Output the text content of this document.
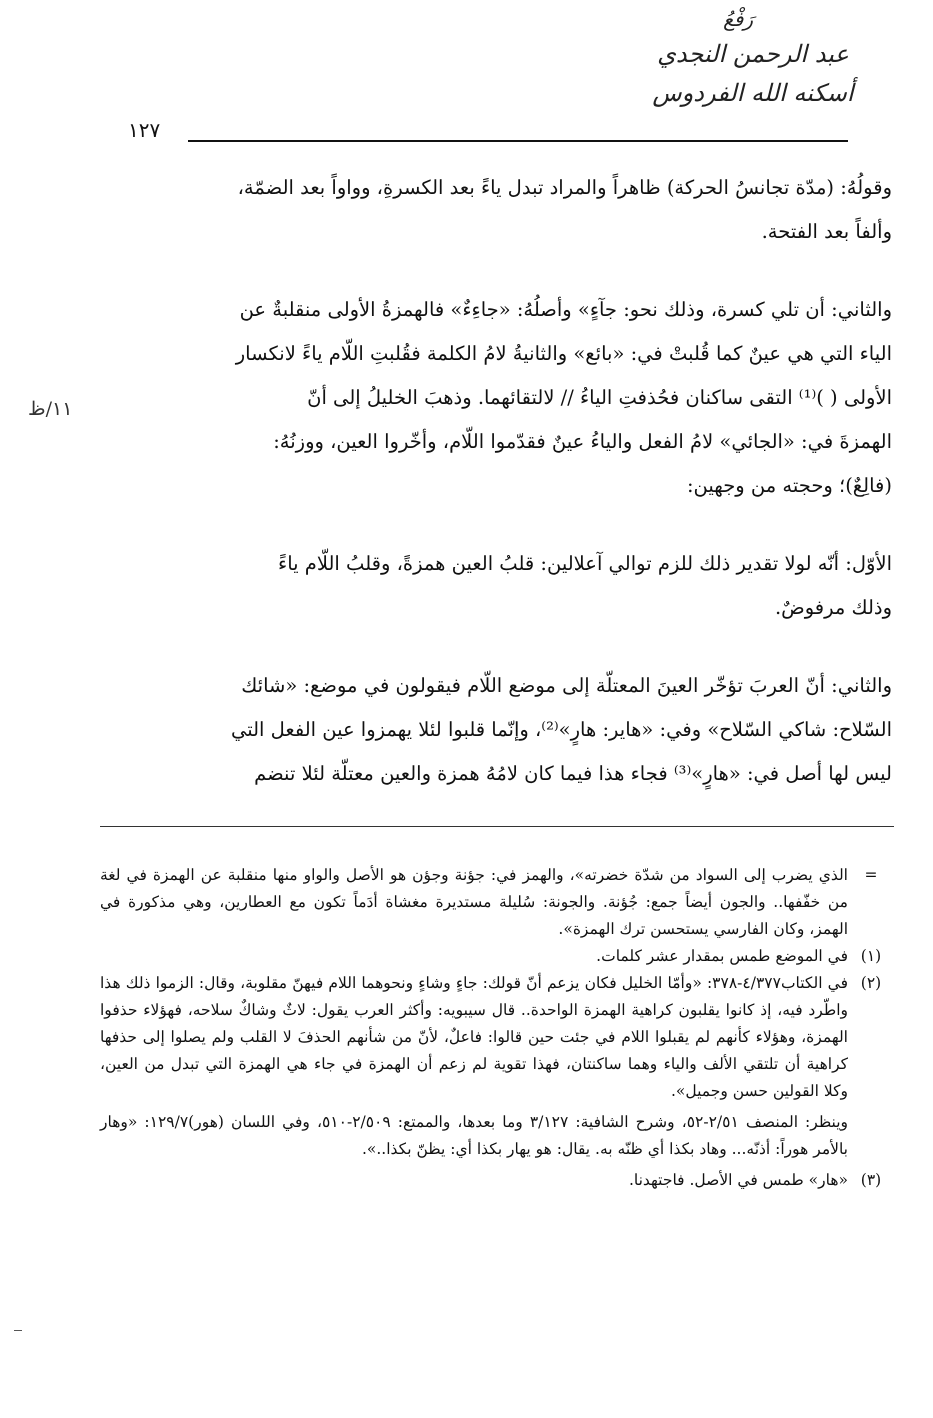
رَفْعُ
عبد الرحمن النجدي
أسكنه الله الفردوس
١٢٧

وقولُهُ: (مدّة تجانسُ الحركة) ظاهراً والمراد تبدل ياءً بعد الكسرةِ، وواواً بعد الضمّة،

وألفاً بعد الفتحة.

والثاني: أن تلي كسرة، وذلك نحو: جآءٍ» وأصلُهُ: «جاءِءٌ» فالهمزةُ الأولى منقلبةٌ عن

الياء التي هي عينٌ كما قُلبتْ في: «بائع» والثانيةُ لامُ الكلمة فقُلبتِ اللّام ياءً لانكسار

الأولى ( )⁽¹⁾ التقى ساكنان فحُذفتِ الياءُ // لالتقائهما. وذهبَ الخليلُ إلى أنّ

الهمزةَ في: «الجائي» لامُ الفعل والياءُ عينٌ فقدّموا اللّام، وأخّروا العين، ووزنُهُ:

(فالِعٌ)؛ وحجته من وجهين:

الأوّل: أنّه لولا تقدير ذلك للزم توالي آعلالين: قلبُ العين همزةً، وقلبُ اللّام ياءً

وذلك مرفوضٌ.

والثاني: أنّ العربَ تؤخّر العينَ المعتلّة إلى موضع اللّام فيقولون في موضع: «شائك

السّلاح: شاكي السّلاح» وفي: «هاير: هارٍ»⁽²⁾، وإنّما قلبوا لئلا يهمزوا عين الفعل التي

ليس لها أصل في: «هارٍ»⁽³⁾ فجاء هذا فيما كان لامُهُ همزة والعين معتلّة لئلا تنضم

١١/ظ
=
الذي يضرب إلى السواد من شدّة خضرته»، والهمز في: جؤنة وجؤن هو الأصل والواو منها منقلبة عن الهمزة في لغة من خفّفها.. والجون أيضاً جمع: جُؤنة. والجونة: سُليلة مستديرة مغشاة أدَماً تكون مع العطارين، وهي مذكورة في الهمز، وكان الفارسي يستحسن ترك الهمزة».
(١)
في الموضع طمس بمقدار عشر كلمات.
(٢)
في الكتاب٤/٣٧٧-٣٧٨: «وأمّا الخليل فكان يزعم أنّ قولك: جاءٍ وشاءٍ ونحوهما اللام فيهنّ مقلوبة، وقال: الزموا ذلك هذا واطّرد فيه، إذ كانوا يقلبون كراهية الهمزة الواحدة.. قال سيبويه: وأكثر العرب يقول: لاثٌ وشاكٌ سلاحه، فهؤلاء حذفوا الهمزة، وهؤلاء كأنهم لم يقبلوا اللام في جئت حين قالوا: فاعلٌ، لأنّ من شأنهم الحذفَ لا القلب ولم يصلوا إلى حذفها كراهية أن تلتقي الألف والياء وهما ساكنتان، فهذا تقوية لم زعم أن الهمزة في جاء هي الهمزة التي تبدل من العين، وكلا القولين حسن وجميل».
وينظر: المنصف ٢/٥١-٥٢، وشرح الشافية: ٣/١٢٧ وما بعدها، والممتع: ٢/٥٠٩-٥١٠، وفي اللسان (هور)١٢٩/٧: «وهار بالأمر هوراً: أذنّه... وهاد بكذا أي ظنّه به. يقال: هو يهار بكذا أي: يظنّ بكذا..».
(٣)
«هار» طمس في الأصل. فاجتهدنا.
